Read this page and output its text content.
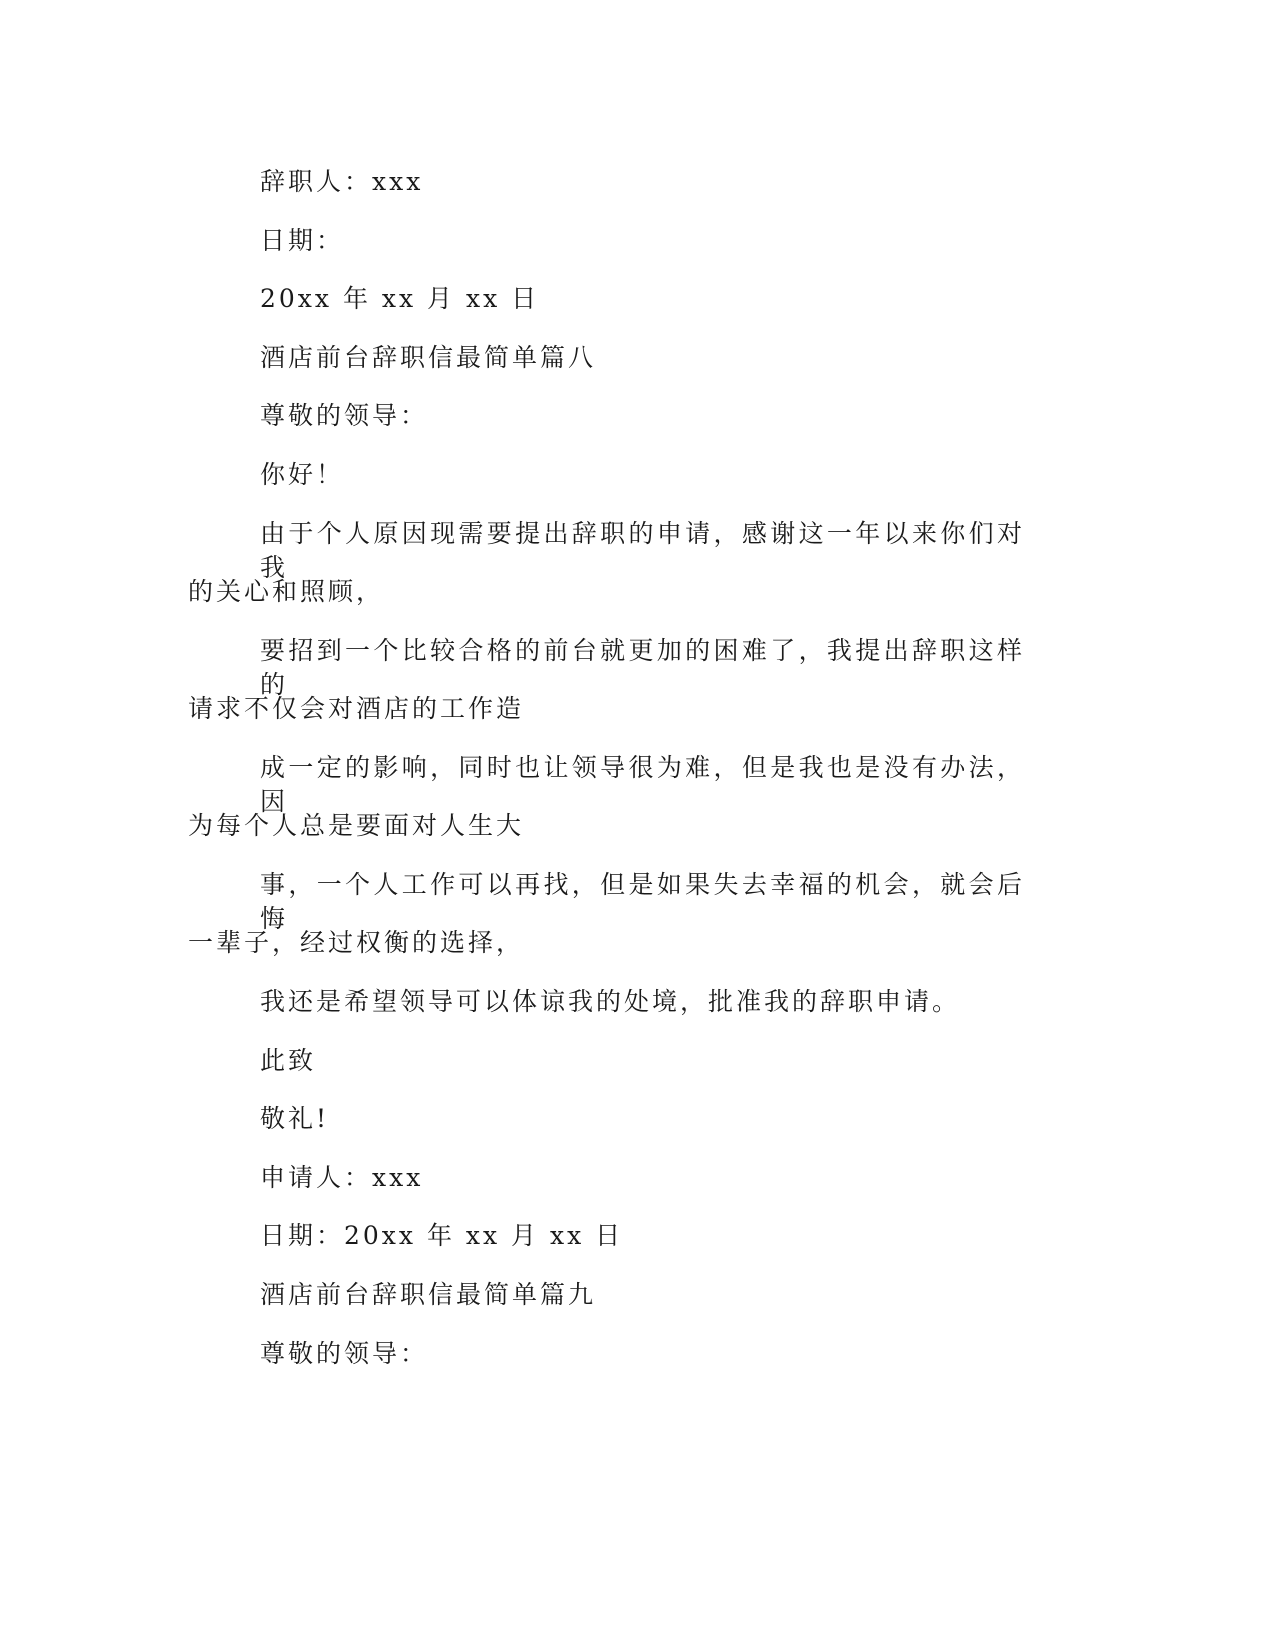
辞职人：xxx
日期：
20xx 年 xx 月 xx 日
酒店前台辞职信最简单篇八
尊敬的领导：
你好！
由于个人原因现需要提出辞职的申请，感谢这一年以来你们对我
的关心和照顾，
要招到一个比较合格的前台就更加的困难了，我提出辞职这样的
请求不仅会对酒店的工作造
成一定的影响，同时也让领导很为难，但是我也是没有办法，因
为每个人总是要面对人生大
事，一个人工作可以再找，但是如果失去幸福的机会，就会后悔
一辈子，经过权衡的选择，
我还是希望领导可以体谅我的处境，批准我的辞职申请。
此致
敬礼!
申请人：xxx
日期：20xx 年 xx 月 xx 日
酒店前台辞职信最简单篇九
尊敬的领导：
